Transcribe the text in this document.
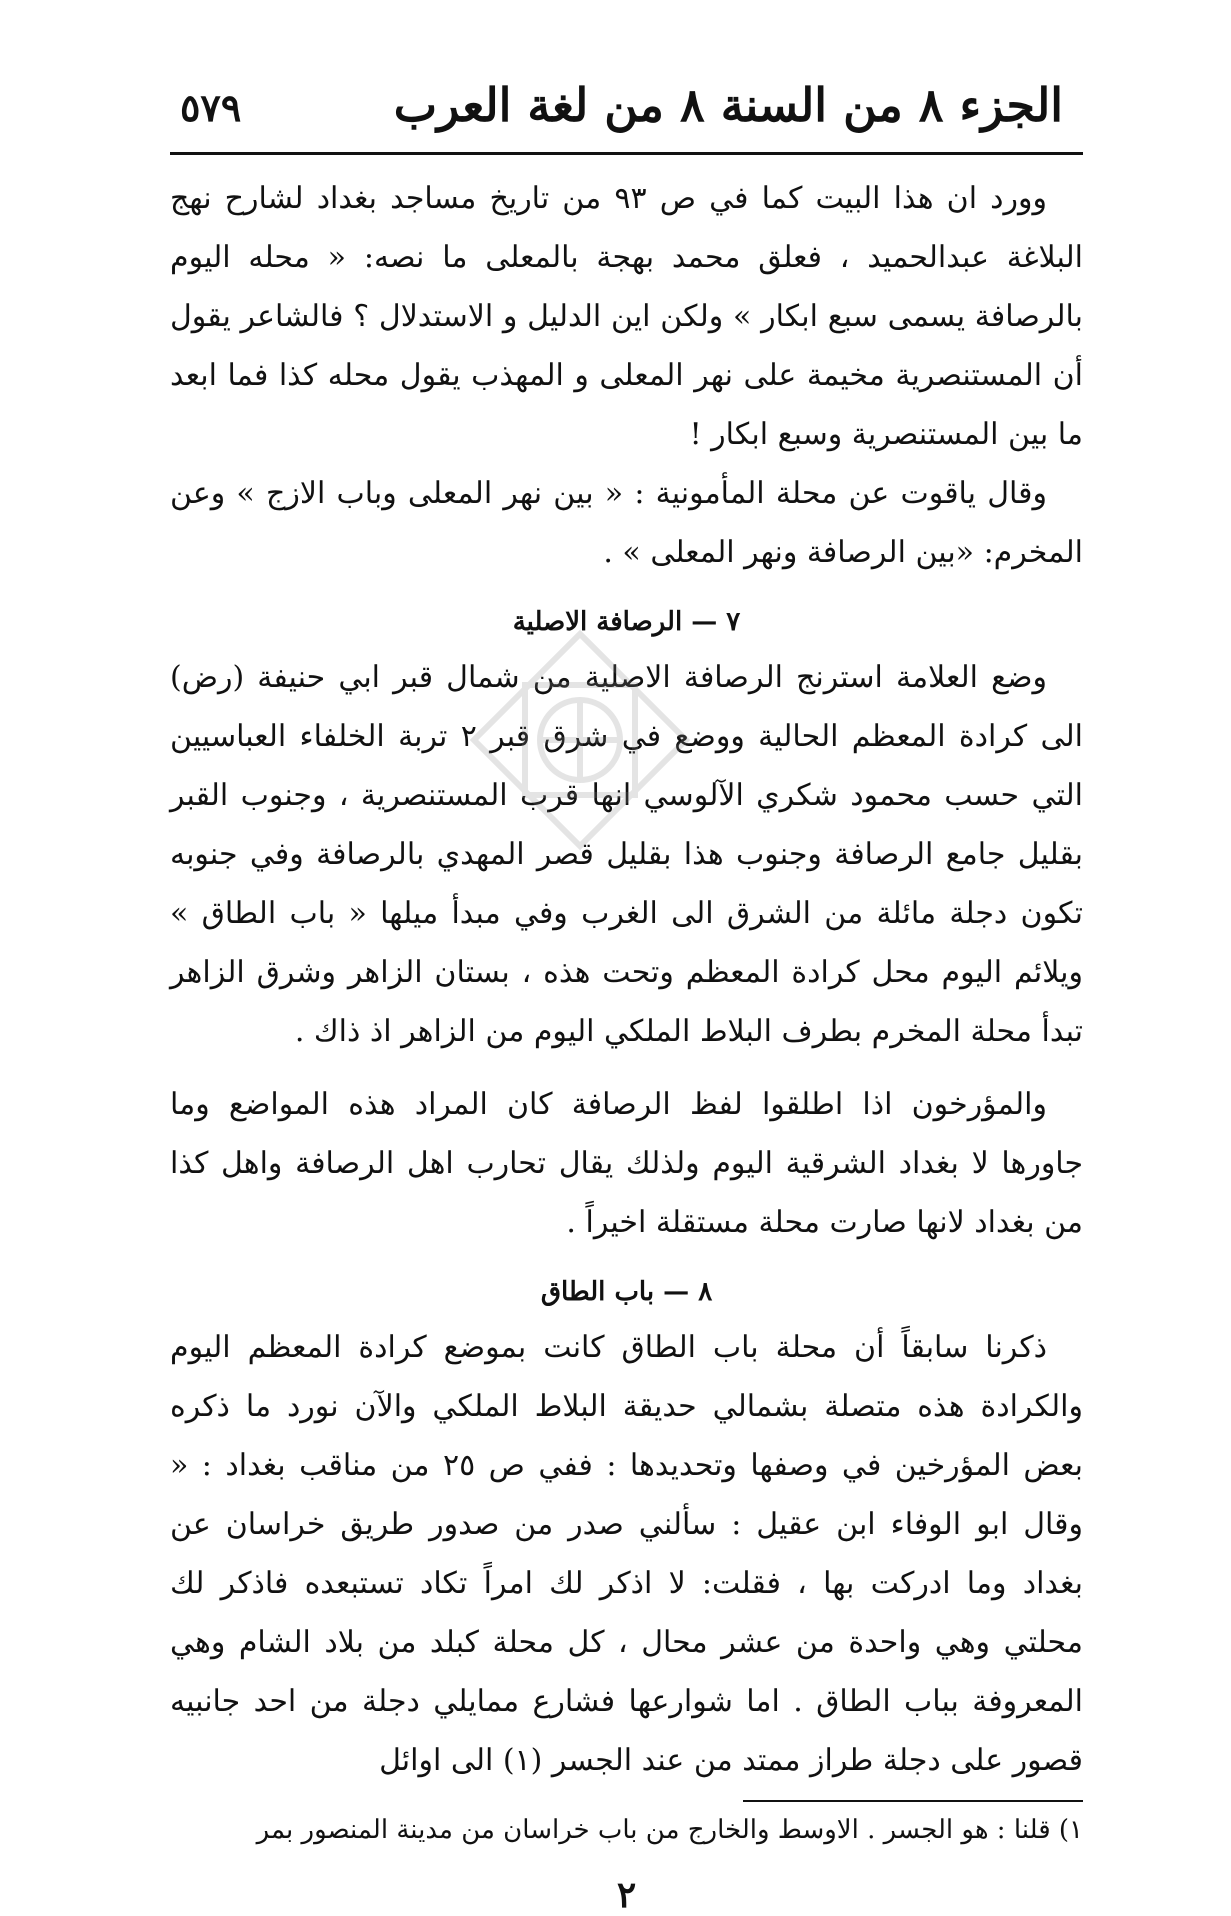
الجزء ٨ من السنة ٨ من لغة العرب
٥٧٩

وورد ان هذا البيت كما في ص ٩٣ من تاريخ مساجد بغداد لشارح نهج البلاغة عبدالحميد ، فعلق محمد بهجة بالمعلى ما نصه: « محله اليوم بالرصافة يسمى سبع ابكار » ولكن اين الدليل و الاستدلال ؟ فالشاعر يقول أن المستنصرية مخيمة على نهر المعلى و المهذب يقول محله كذا فما ابعد ما بين المستنصرية وسبع ابكار !

وقال ياقوت عن محلة المأمونية : « بين نهر المعلى وباب الازج » وعن المخرم: «بين الرصافة ونهر المعلى » .

٧ — الرصافة الاصلية

وضع العلامة استرنج الرصافة الاصلية من شمال قبر ابي حنيفة (رض) الى كرادة المعظم الحالية ووضع في شرق قبر ٢ تربة الخلفاء العباسيين التي حسب محمود شكري الآلوسي انها قرب المستنصرية ، وجنوب القبر بقليل جامع الرصافة وجنوب هذا بقليل قصر المهدي بالرصافة وفي جنوبه تكون دجلة مائلة من الشرق الى الغرب وفي مبدأ ميلها « باب الطاق » ويلائم اليوم محل كرادة المعظم وتحت هذه ، بستان الزاهر وشرق الزاهر تبدأ محلة المخرم بطرف البلاط الملكي اليوم من الزاهر اذ ذاك .

والمؤرخون اذا اطلقوا لفظ الرصافة كان المراد هذه المواضع وما جاورها لا بغداد الشرقية اليوم ولذلك يقال تحارب اهل الرصافة واهل كذا من بغداد لانها صارت محلة مستقلة اخيراً .

٨ — باب الطاق

ذكرنا سابقاً أن محلة باب الطاق كانت بموضع كرادة المعظم اليوم والكرادة هذه متصلة بشمالي حديقة البلاط الملكي والآن نورد ما ذكره بعض المؤرخين في وصفها وتحديدها : ففي ص ٢٥ من مناقب بغداد : « وقال ابو الوفاء ابن عقيل : سألني صدر من صدور طريق خراسان عن بغداد وما ادركت بها ، فقلت: لا اذكر لك امراً تكاد تستبعده فاذكر لك محلتي وهي واحدة من عشر محال ، كل محلة كبلد من بلاد الشام وهي المعروفة بباب الطاق . اما شوارعها فشارع ممايلي دجلة من احد جانبيه قصور على دجلة طراز ممتد من عند الجسر (١) الى اوائل

١) قلنا : هو الجسر . الاوسط والخارج من باب خراسان من مدينة المنصور بمر

٢
